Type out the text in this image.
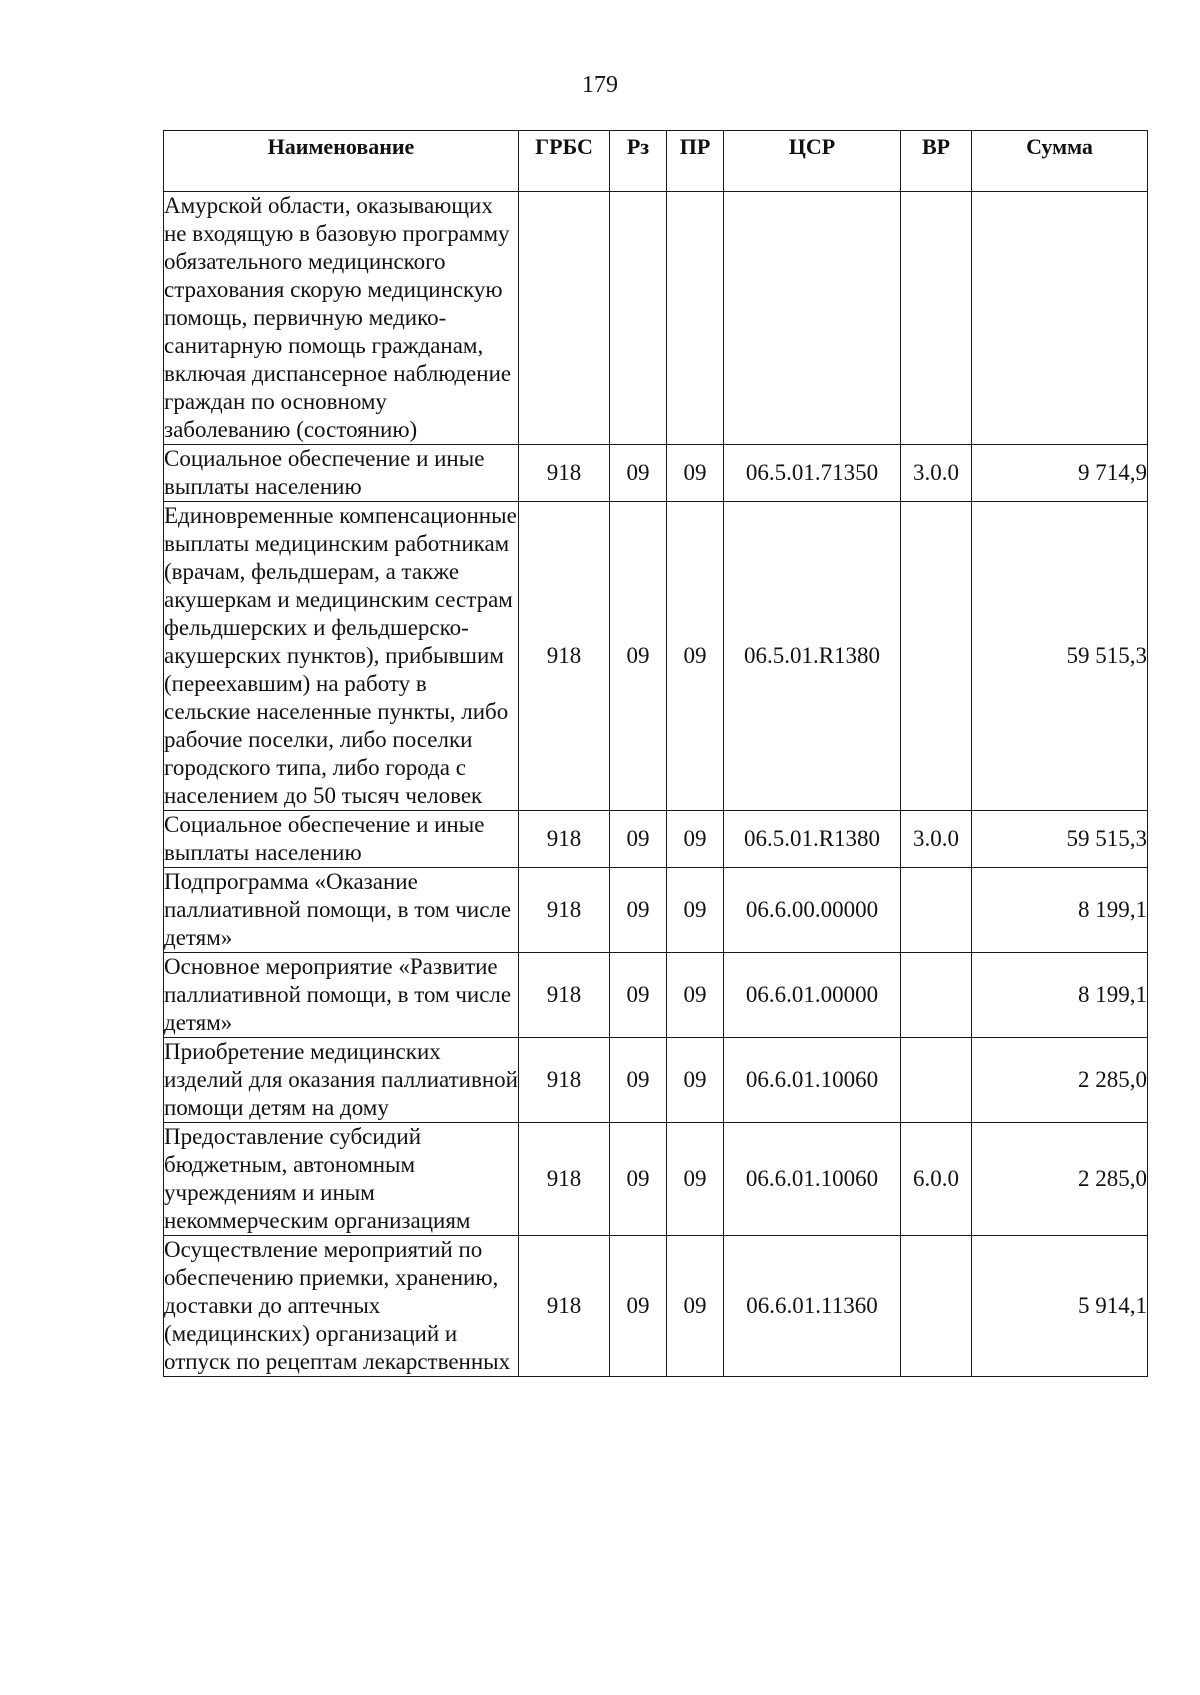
179
Наименование	ГРБС	Рз	ПР	ЦСР	ВР	Сумма
Амурской области, оказывающих не входящую в базовую программу обязательного медицинского страхования скорую медицинскую помощь, первичную медико-санитарную помощь гражданам, включая диспансерное наблюдение граждан по основному заболеванию (состоянию)						
Социальное обеспечение и иные выплаты населению	918	09	09	06.5.01.71350	3.0.0	9 714,9
Единовременные компенсационные выплаты медицинским работникам (врачам, фельдшерам, а также акушеркам и медицинским сестрам фельдшерских и фельдшерско-акушерских пунктов), прибывшим (переехавшим) на работу в сельские населенные пункты, либо рабочие поселки, либо поселки городского типа, либо города с населением до 50 тысяч человек	918	09	09	06.5.01.R1380		59 515,3
Социальное обеспечение и иные выплаты населению	918	09	09	06.5.01.R1380	3.0.0	59 515,3
Подпрограмма «Оказание паллиативной помощи, в том числе детям»	918	09	09	06.6.00.00000		8 199,1
Основное мероприятие «Развитие паллиативной помощи, в том числе детям»	918	09	09	06.6.01.00000		8 199,1
Приобретение медицинских изделий для оказания паллиативной помощи детям на дому	918	09	09	06.6.01.10060		2 285,0
Предоставление субсидий бюджетным, автономным учреждениям и иным некоммерческим организациям	918	09	09	06.6.01.10060	6.0.0	2 285,0
Осуществление мероприятий по обеспечению приемки, хранению, доставки до аптечных (медицинских) организаций и отпуск по рецептам лекарственных	918	09	09	06.6.01.11360		5 914,1
